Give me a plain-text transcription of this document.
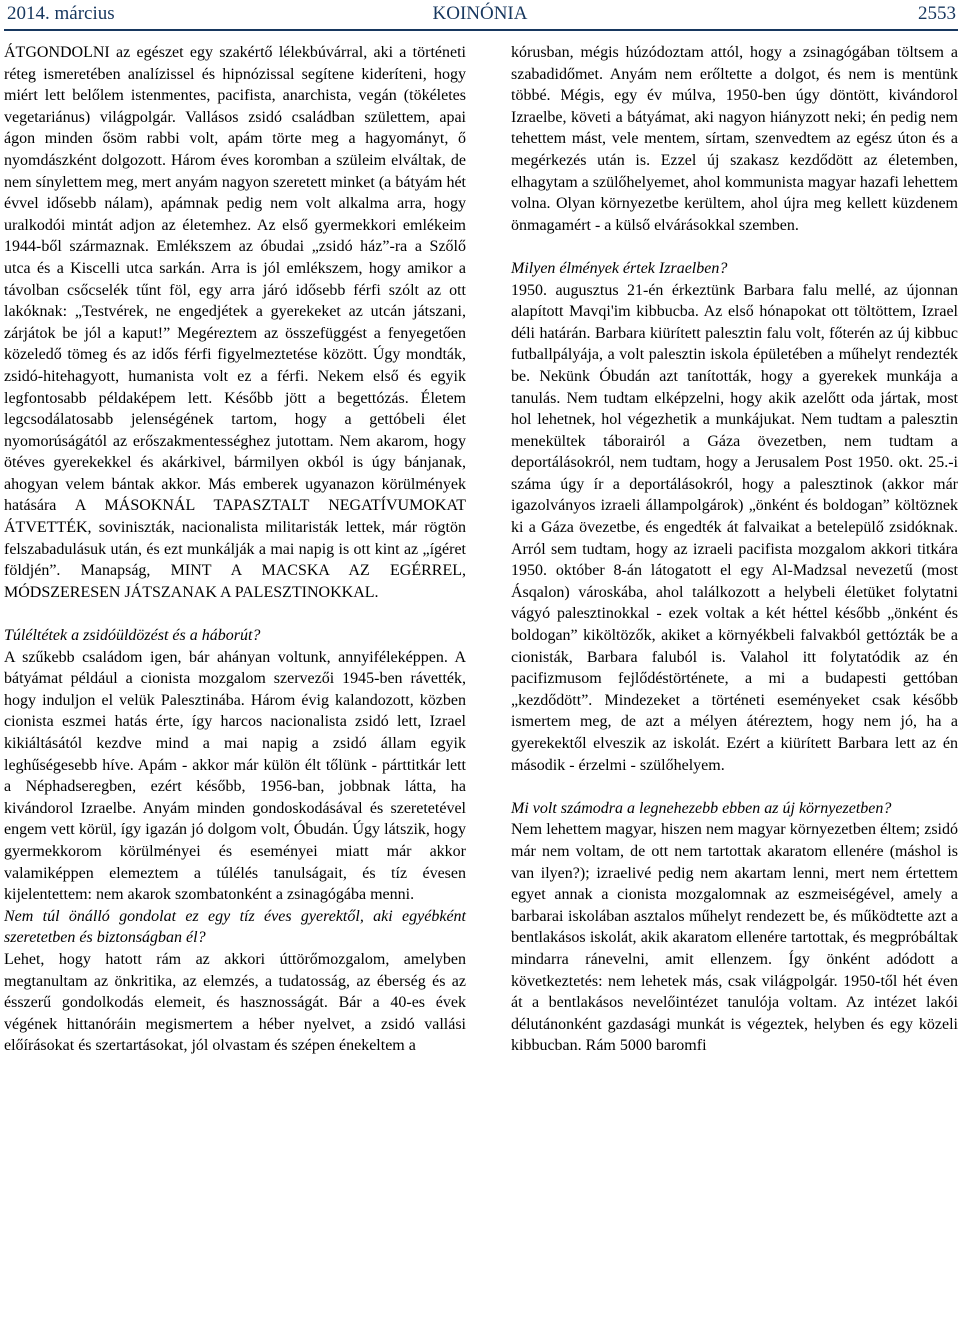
2014. március	KOINÓNIA	2553

ÁTGONDOLNI az egészet egy szakértő lélekbúvárral, aki a történeti réteg ismeretében analízissel és hipnózissal segítene kideríteni, hogy miért lett belőlem istenmentes, pacifista, anarchista, vegán (tökéletes vegetariánus) világpolgár. Vallásos zsidó családban születtem, apai ágon minden ősöm rabbi volt, apám törte meg a hagyományt, ő nyomdászként dolgozott. Három éves koromban a szüleim elváltak, de nem sínylettem meg, mert anyám nagyon szeretett minket (a bátyám hét évvel idősebb nálam), apámnak pedig nem volt alkalma arra, hogy uralkodói mintát adjon az életemhez. Az első gyermekkori emlékeim 1944-ből származnak. Emlékszem az óbudai „zsidó ház”-ra a Szőlő utca és a Kiscelli utca sarkán. Arra is jól emlékszem, hogy amikor a távolban csőcselék tűnt föl, egy arra járó idősebb férfi szólt az ott lakóknak: „Testvérek, ne engedjétek a gyerekeket az utcán játszani, zárjátok be jól a kaput!” Megéreztem az összefüggést a fenyegetően közeledő tömeg és az idős férfi figyelmeztetése között. Úgy mondták, zsidó-hitehagyott, humanista volt ez a férfi. Nekem első és egyik legfontosabb példaképem lett. Később jött a begettózás. Életem legcsodálatosabb jelenségének tartom, hogy a gettóbeli élet nyomorúságától az erőszakmentességhez jutottam. Nem akarom, hogy ötéves gyerekekkel és akárkivel, bármilyen okból is úgy bánjanak, ahogyan velem bántak akkor. Más emberek ugyanazon körülmények hatására A MÁSOKNÁL TAPASZTALT NEGATÍVUMOKAT ÁTVETTÉK, soviniszták, nacionalista militaristák lettek, már rögtön felszabadulásuk után, és ezt munkálják a mai napig is ott kint az „ígéret földjén”. Manapság, MINT A MACSKA AZ EGÉRREL, MÓDSZERESEN JÁTSZANAK A PALESZTINOKKAL.

Túléltétek a zsidóüldözést és a háborút?

A szűkebb családom igen, bár ahányan voltunk, annyiféleképpen. A bátyámat például a cionista mozgalom szervezői 1945-ben rávették, hogy induljon el velük Palesztinába. Három évig kalandozott, közben cionista eszmei hatás érte, így harcos nacionalista zsidó lett, Izrael kikiáltásától kezdve mind a mai napig a zsidó állam egyik leghűségesebb híve. Apám - akkor már külön élt tőlünk - párttitkár lett a Néphadseregben, ezért később, 1956-ban, jobbnak látta, ha kivándorol Izraelbe. Anyám minden gondoskodásával és szeretetével engem vett körül, így igazán jó dolgom volt, Óbudán. Úgy látszik, hogy gyermekkorom körülményei és eseményei miatt már akkor valamiképpen elemeztem a túlélés tanulságait, és tíz évesen kijelentettem: nem akarok szombatonként a zsinagógába menni.

Nem túl önálló gondolat ez egy tíz éves gyerektől, aki egyébként szeretetben és biztonságban él?

Lehet, hogy hatott rám az akkori úttörőmozgalom, amelyben megtanultam az önkritika, az elemzés, a tudatosság, az éberség és az ésszerű gondolkodás elemeit, és hasznosságát. Bár a 40-es évek végének hittanóráin megismertem a héber nyelvet, a zsidó vallási előírásokat és szertartásokat, jól olvastam és szépen énekeltem a

kórusban, mégis húzódoztam attól, hogy a zsinagógában töltsem a szabadidőmet. Anyám nem erőltette a dolgot, és nem is mentünk többé. Mégis, egy év múlva, 1950-ben úgy döntött, kivándorol Izraelbe, követi a bátyámat, aki nagyon hiányzott neki; én pedig nem tehettem mást, vele mentem, sírtam, szenvedtem az egész úton és a megérkezés után is. Ezzel új szakasz kezdődött az életemben, elhagytam a szülőhelyemet, ahol kommunista magyar hazafi lehettem volna. Olyan környezetbe kerültem, ahol újra meg kellett küzdenem önmagamért - a külső elvárásokkal szemben.

Milyen élmények értek Izraelben?

1950. augusztus 21-én érkeztünk Barbara falu mellé, az újonnan alapított Mavqi'im kibbucba. Az első hónapokat ott töltöttem, Izrael déli határán. Barbara kiürített palesztin falu volt, főterén az új kibbuc futballpályája, a volt palesztin iskola épületében a műhelyt rendezték be. Nekünk Óbudán azt tanították, hogy a gyerekek munkája a tanulás. Nem tudtam elképzelni, hogy akik azelőtt oda jártak, most hol lehetnek, hol végezhetik a munkájukat. Nem tudtam a palesztin menekültek táborairól a Gáza övezetben, nem tudtam a deportálásokról, nem tudtam, hogy a Jerusalem Post 1950. okt. 25.-i száma úgy ír a deportálásokról, hogy a palesztinok (akkor már igazolványos izraeli állampolgárok) „önként és boldogan” költöznek ki a Gáza övezetbe, és engedték át falvaikat a betelepülő zsidóknak. Arról sem tudtam, hogy az izraeli pacifista mozgalom akkori titkára 1950. október 8-án látogatott el egy Al-Madzsal nevezetű (most Ásqalon) városkába, ahol találkozott a helybeli életüket folytatni vágyó palesztinokkal - ezek voltak a két héttel később „önként és boldogan” kiköltözők, akiket a környékbeli falvakból gettózták be a cionisták, Barbara faluból is. Valahol itt folytatódik az én pacifizmusom fejlődéstörténete, a mi a budapesti gettóban „kezdődött”. Mindezeket a történeti eseményeket csak később ismertem meg, de azt a mélyen átéreztem, hogy nem jó, ha a gyerekektől elveszik az iskolát. Ezért a kiürített Barbara lett az én második - érzelmi - szülőhelyem.

Mi volt számodra a legnehezebb ebben az új környezetben?

Nem lehettem magyar, hiszen nem magyar környezetben éltem; zsidó már nem voltam, de ott nem tartottak akaratom ellenére (máshol is van ilyen?); izraelivé pedig nem akartam lenni, mert nem értettem egyet annak a cionista mozgalomnak az eszmeiségével, amely a barbarai iskolában asztalos műhelyt rendezett be, és működtette azt a bentlakásos iskolát, akik akaratom ellenére tartottak, és megpróbáltak mindarra ránevelni, amit ellenzem. Így önként adódott a következtetés: nem lehetek más, csak világpolgár. 1950-től hét éven át a bentlakásos nevelőintézet tanulója voltam. Az intézet lakói délutánonként gazdasági munkát is végeztek, helyben és egy közeli kibbucban. Rám 5000 baromfi
